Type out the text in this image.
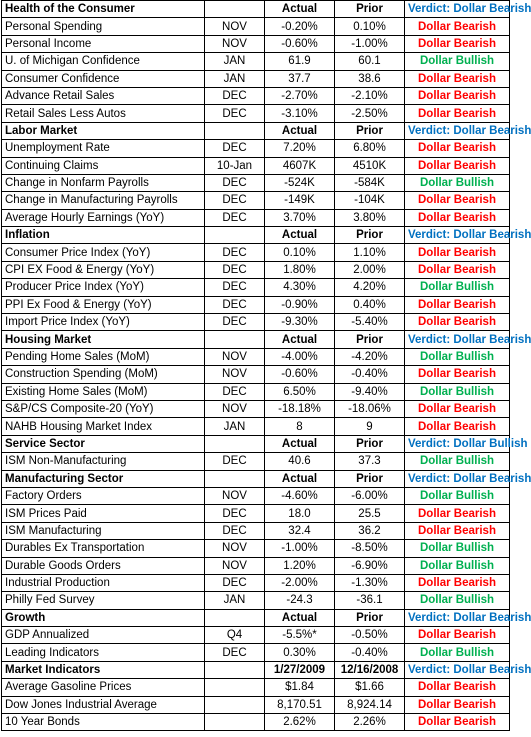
Health of the Consumer		Actual	Prior	Verdict: Dollar Bearish
Personal Spending	NOV	-0.20%	0.10%	Dollar Bearish
Personal Income	NOV	-0.60%	-1.00%	Dollar Bearish
U. of Michigan Confidence	JAN	61.9	60.1	Dollar Bullish
Consumer Confidence	JAN	37.7	38.6	Dollar Bearish
Advance Retail Sales	DEC	-2.70%	-2.10%	Dollar Bearish
Retail Sales Less Autos	DEC	-3.10%	-2.50%	Dollar Bearish
Labor Market		Actual	Prior	Verdict: Dollar Bearish
Unemployment Rate	DEC	7.20%	6.80%	Dollar Bearish
Continuing Claims	10-Jan	4607K	4510K	Dollar Bearish
Change in Nonfarm Payrolls	DEC	-524K	-584K	Dollar Bullish
Change in Manufacturing Payrolls	DEC	-149K	-104K	Dollar Bearish
Average Hourly Earnings (YoY)	DEC	3.70%	3.80%	Dollar Bearish
Inflation		Actual	Prior	Verdict: Dollar Bearish
Consumer Price Index (YoY)	DEC	0.10%	1.10%	Dollar Bearish
CPI EX Food & Energy (YoY)	DEC	1.80%	2.00%	Dollar Bearish
Producer Price Index (YoY)	DEC	4.30%	4.20%	Dollar Bullish
PPI Ex Food & Energy (YoY)	DEC	-0.90%	0.40%	Dollar Bearish
Import Price Index (YoY)	DEC	-9.30%	-5.40%	Dollar Bearish
Housing Market		Actual	Prior	Verdict: Dollar Bearish
Pending Home Sales (MoM)	NOV	-4.00%	-4.20%	Dollar Bullish
Construction Spending (MoM)	NOV	-0.60%	-0.40%	Dollar Bearish
Existing Home Sales (MoM)	DEC	6.50%	-9.40%	Dollar Bullish
S&P/CS Composite-20 (YoY)	NOV	-18.18%	-18.06%	Dollar Bearish
NAHB Housing Market Index	JAN	8	9	Dollar Bearish
Service Sector		Actual	Prior	Verdict: Dollar Bullish
ISM Non-Manufacturing	DEC	40.6	37.3	Dollar Bullish
Manufacturing Sector		Actual	Prior	Verdict: Dollar Bearish
Factory Orders	NOV	-4.60%	-6.00%	Dollar Bullish
ISM Prices Paid	DEC	18.0	25.5	Dollar Bearish
ISM Manufacturing	DEC	32.4	36.2	Dollar Bearish
Durables Ex Transportation	NOV	-1.00%	-8.50%	Dollar Bullish
Durable Goods Orders	NOV	1.20%	-6.90%	Dollar Bullish
Industrial Production	DEC	-2.00%	-1.30%	Dollar Bearish
Philly Fed Survey	JAN	-24.3	-36.1	Dollar Bullish
Growth		Actual	Prior	Verdict: Dollar Bearish
GDP Annualized	Q4	-5.5%*	-0.50%	Dollar Bearish
Leading Indicators	DEC	0.30%	-0.40%	Dollar Bullish
Market Indicators		1/27/2009	12/16/2008	Verdict: Dollar Bearish
Average Gasoline Prices		$1.84	$1.66	Dollar Bearish
Dow Jones Industrial Average		8,170.51	8,924.14	Dollar Bearish
10 Year Bonds		2.62%	2.26%	Dollar Bearish
